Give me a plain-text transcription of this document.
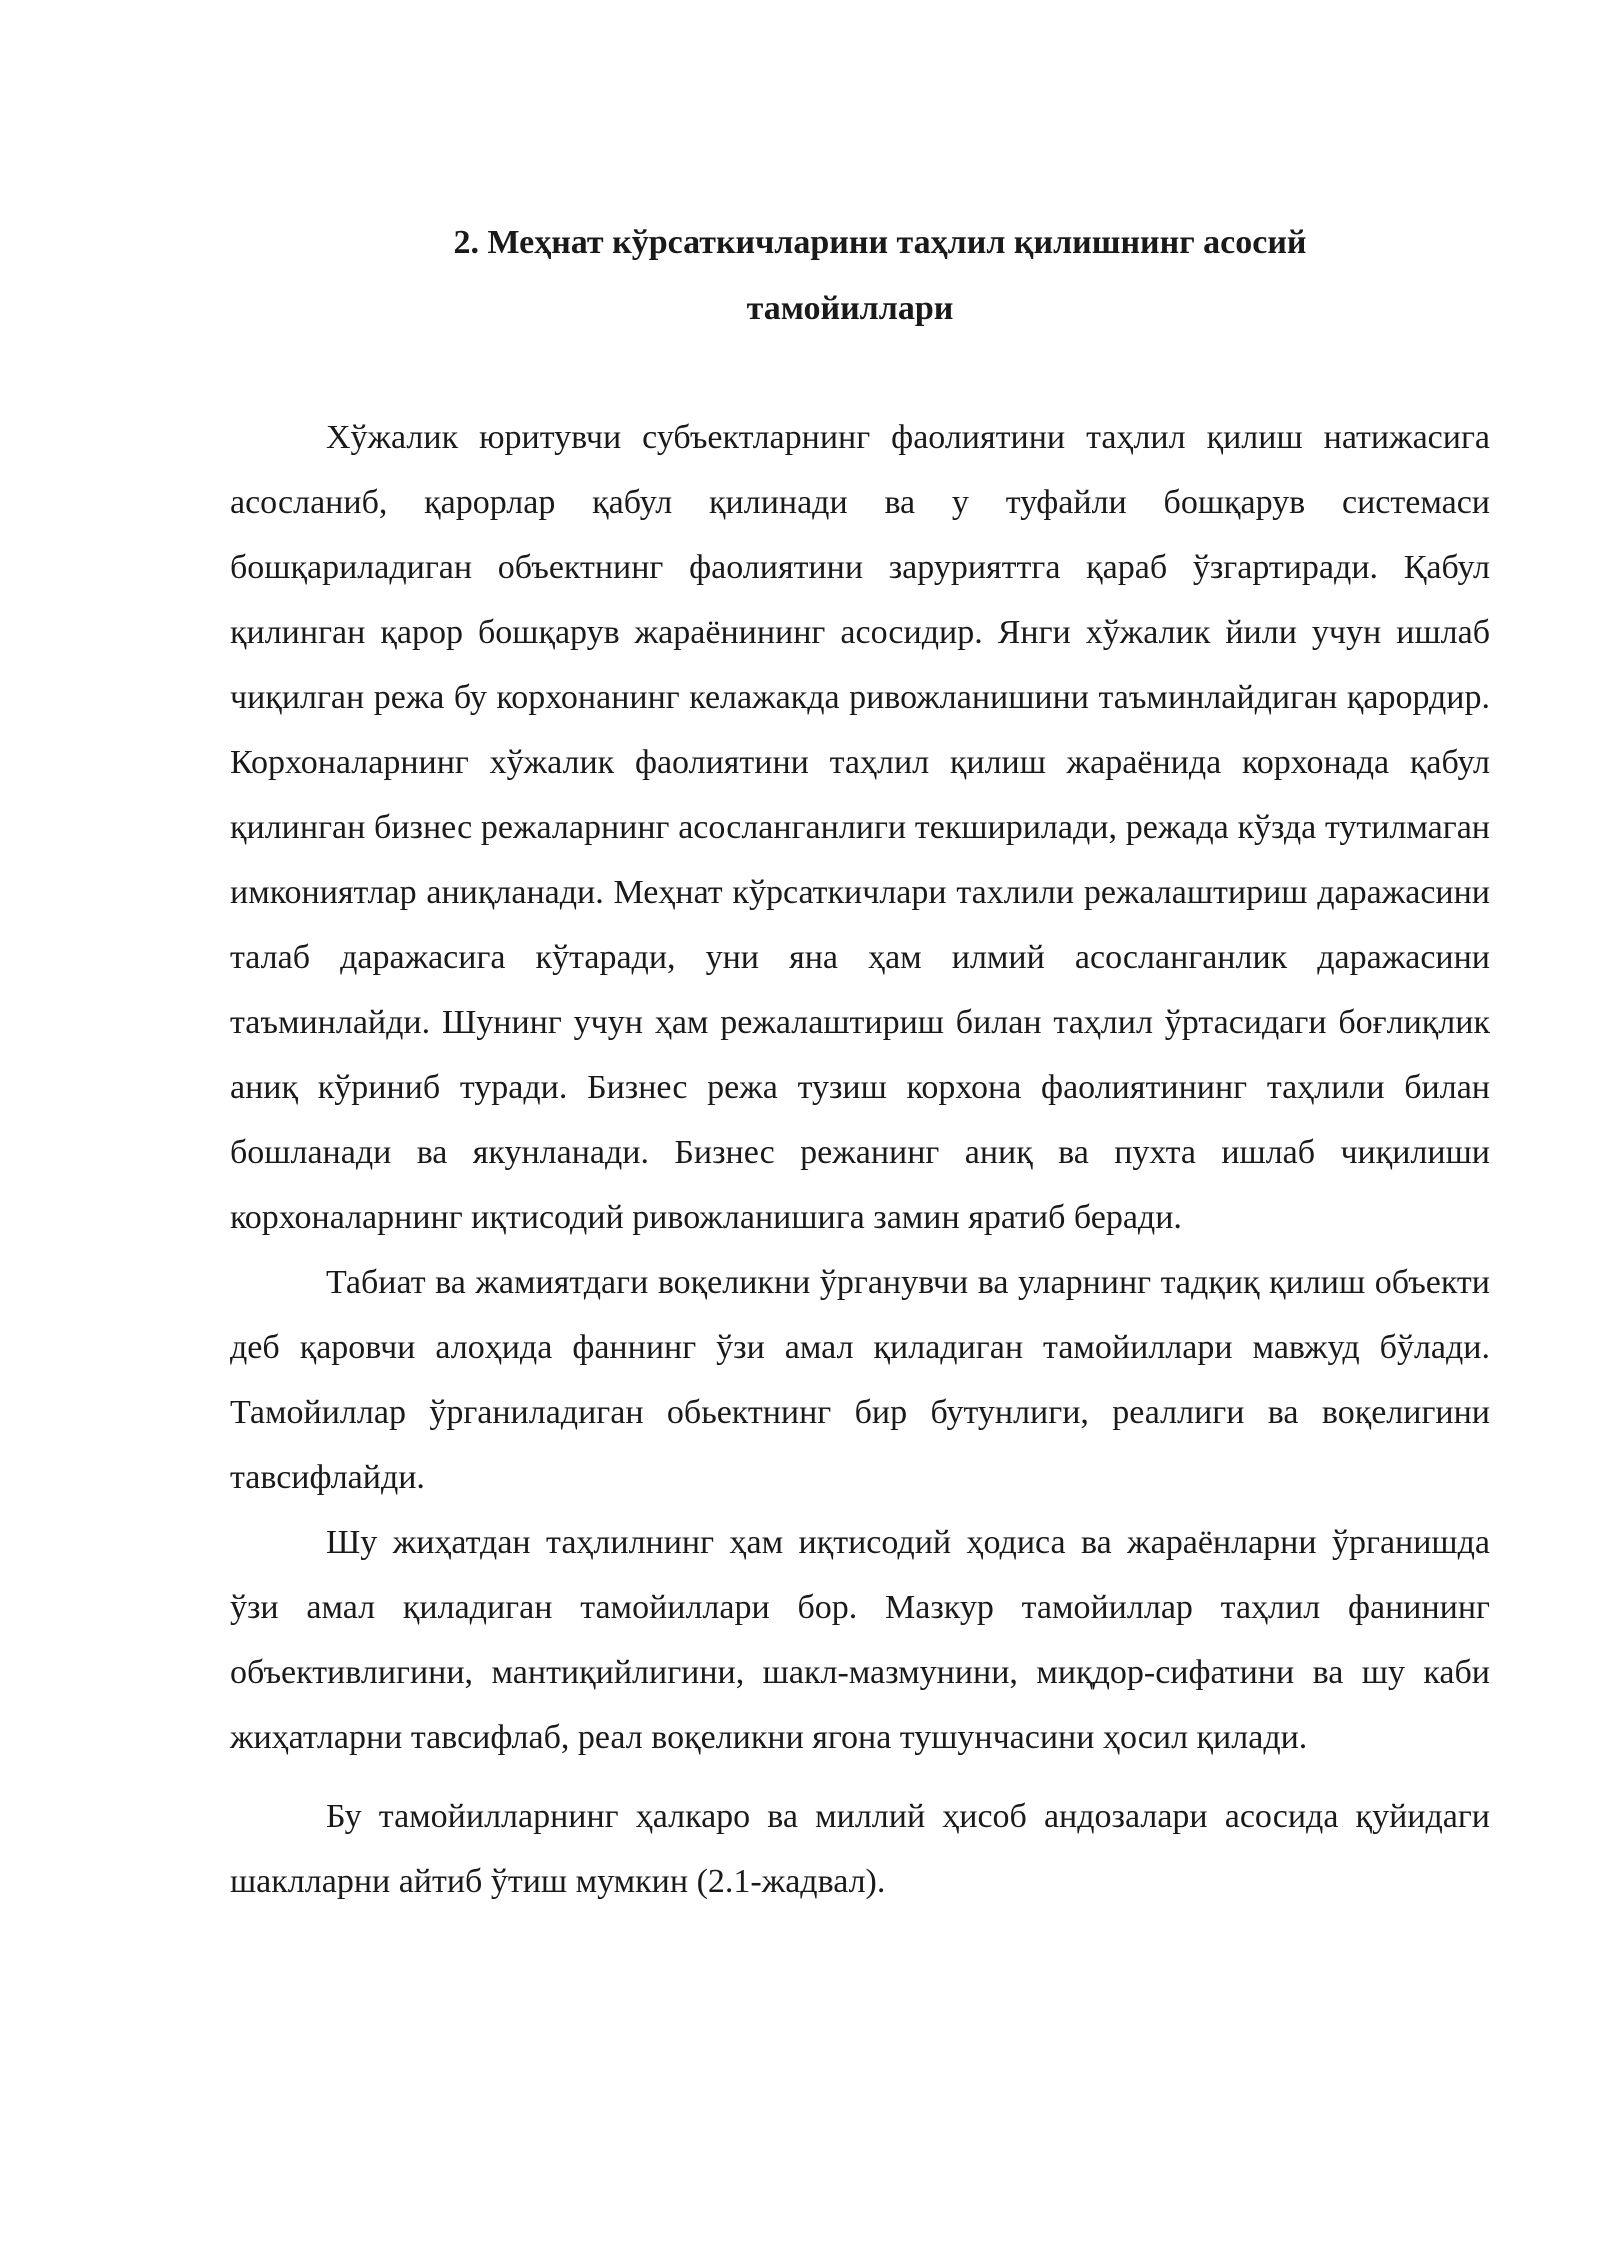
2. Меҳнат кўрсаткичларини таҳлил қилишнинг асосий
тамойиллари

Хўжалик юритувчи субъектларнинг фаолиятини таҳлил қилиш натижасига асосланиб, қарорлар қабул қилинади ва у туфайли бошқарув системаси бошқариладиган объектнинг фаолиятини зарурияттга қараб ўзгартиради. Қабул қилинган қарор бошқарув жараёнининг асосидир. Янги хўжалик йили учун ишлаб чиқилган режа бу корхонанинг келажакда ривожланишини таъминлайдиган қарордир. Корхоналарнинг хўжалик фаолиятини таҳлил қилиш жараёнида корхонада қабул қилинган бизнес режаларнинг асосланганлиги текширилади, режада кўзда тутилмаган имкониятлар аниқланади. Меҳнат кўрсаткичлари тахлили режалаштириш даражасини талаб даражасига кўтаради, уни яна ҳам илмий асосланганлик даражасини таъминлайди. Шунинг учун ҳам режалаштириш билан таҳлил ўртасидаги боғлиқлик аниқ кўриниб туради. Бизнес режа тузиш корхона фаолиятининг таҳлили билан бошланади ва якунланади. Бизнес режанинг аниқ ва пухта ишлаб чиқилиши корхоналарнинг иқтисодий ривожланишига замин яратиб беради.

Табиат ва жамиятдаги воқеликни ўрганувчи ва уларнинг тадқиқ қилиш объекти деб қаровчи алоҳида фаннинг ўзи амал қиладиган тамойиллари мавжуд бўлади. Тамойиллар ўрганиладиган обьектнинг бир бутунлиги, реаллиги ва воқелигини тавсифлайди.

Шу жиҳатдан таҳлилнинг ҳам иқтисодий ҳодиса ва жараёнларни ўрганишда ўзи амал қиладиган тамойиллари бор. Мазкур тамойиллар таҳлил фанининг объективлигини, мантиқийлигини, шакл-мазмунини, миқдор-сифатини ва шу каби жиҳатларни тавсифлаб, реал воқеликни ягона тушунчасини ҳосил қилади.

Бу тамойилларнинг ҳалкаро ва миллий ҳисоб андозалари асосида қуйидаги шаклларни айтиб ўтиш мумкин (2.1-жадвал).
